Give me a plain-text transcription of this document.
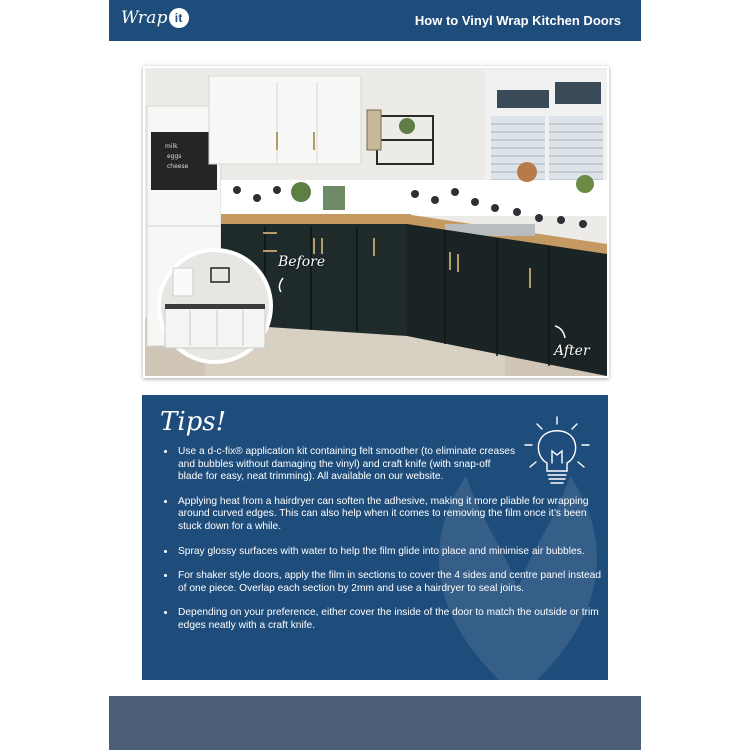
Wrap it	How to Vinyl Wrap Kitchen Doors
milk
eggs
cheese
Before
After
Tips!
• Use a d-c-fix® application kit containing felt smoother (to eliminate creases and bubbles without damaging the vinyl) and craft knife (with snap-off blade for easy, neat trimming). All available on our website.
• Applying heat from a hairdryer can soften the adhesive, making it more pliable for wrapping around curved edges. This can also help when it comes to removing the film once it’s been stuck down for a while.
• Spray glossy surfaces with water to help the film glide into place and minimise air bubbles.
• For shaker style doors, apply the film in sections to cover the 4 sides and centre panel instead of one piece. Overlap each section by 2mm and use a hairdryer to seal joins.
• Depending on your preference, either cover the inside of the door to match the outside or trim edges neatly with a craft knife.
